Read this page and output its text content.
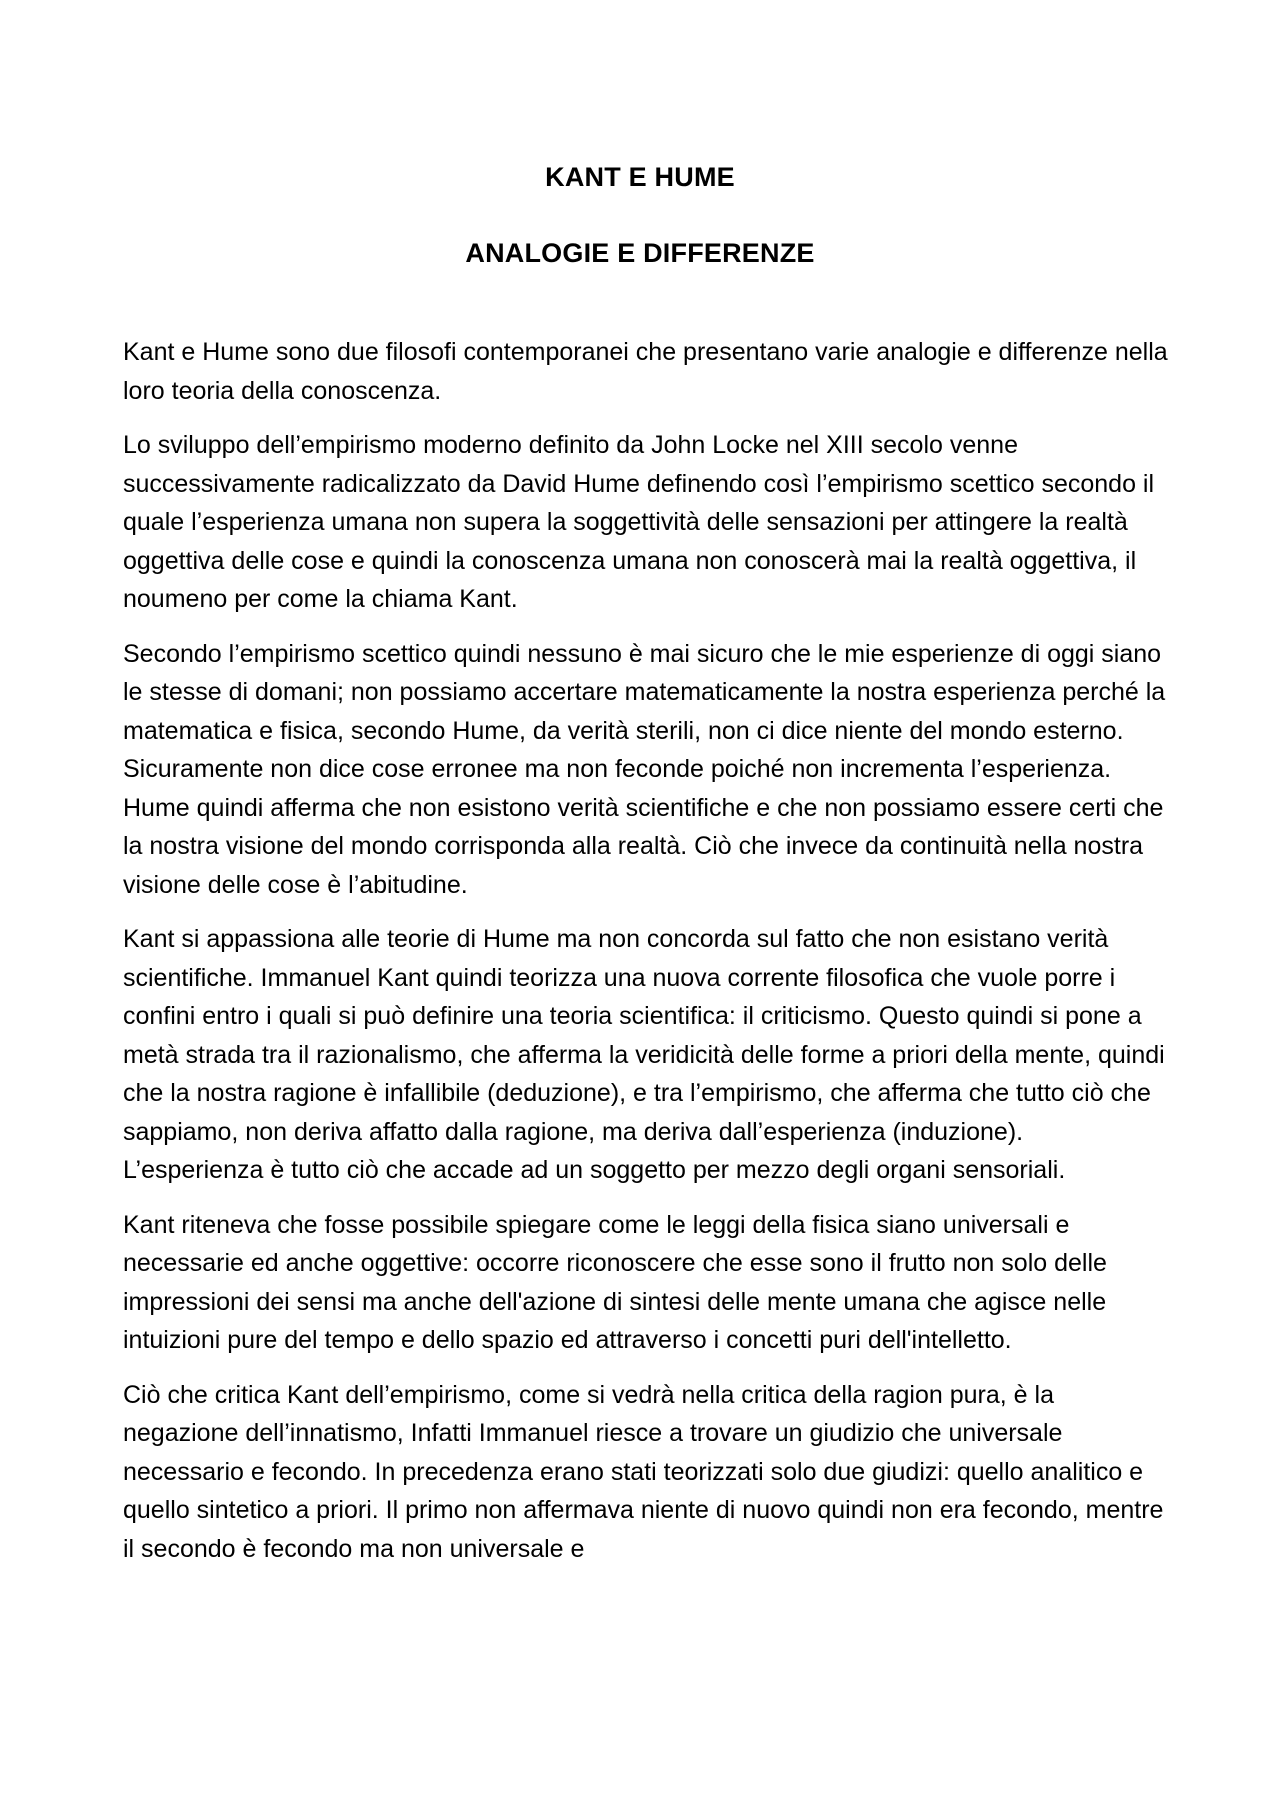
KANT E HUME
ANALOGIE E DIFFERENZE

Kant e Hume sono due filosofi contemporanei che presentano varie analogie e differenze nella loro teoria della conoscenza.

Lo sviluppo dell’empirismo moderno definito da John Locke nel XIII secolo venne successivamente radicalizzato da David Hume definendo così l’empirismo scettico secondo il quale l’esperienza umana non supera la soggettività delle sensazioni per attingere la realtà oggettiva delle cose e quindi la conoscenza umana non conoscerà mai la realtà oggettiva, il noumeno per come la chiama Kant.

Secondo l’empirismo scettico quindi nessuno è mai sicuro che le mie esperienze di oggi siano le stesse di domani; non possiamo accertare matematicamente la nostra esperienza perché la matematica e fisica, secondo Hume, da verità sterili, non ci dice niente del mondo esterno. Sicuramente non dice cose erronee ma non feconde poiché non incrementa l’esperienza. Hume quindi afferma che non esistono verità scientifiche e che non possiamo essere certi che la nostra visione del mondo corrisponda alla realtà. Ciò che invece da continuità nella nostra visione delle cose è l’abitudine.

Kant si appassiona alle teorie di Hume ma non concorda sul fatto che non esistano verità scientifiche. Immanuel Kant quindi teorizza una nuova corrente filosofica che vuole porre i confini entro i quali si può definire una teoria scientifica: il criticismo. Questo quindi si pone a metà strada tra il razionalismo, che afferma la veridicità delle forme a priori della mente, quindi che la nostra ragione è infallibile (deduzione), e tra l’empirismo, che afferma che tutto ciò che sappiamo, non deriva affatto dalla ragione, ma deriva dall’esperienza (induzione). L’esperienza è tutto ciò che accade ad un soggetto per mezzo degli organi sensoriali.

Kant riteneva che fosse possibile spiegare come le leggi della fisica siano universali e necessarie ed anche oggettive: occorre riconoscere che esse sono il frutto non solo delle impressioni dei sensi ma anche dell'azione di sintesi delle mente umana che agisce nelle intuizioni pure del tempo e dello spazio ed attraverso i concetti puri dell'intelletto.

Ciò che critica Kant dell’empirismo, come si vedrà nella critica della ragion pura, è la negazione dell’innatismo, Infatti Immanuel riesce a trovare un giudizio che universale necessario e fecondo. In precedenza erano stati teorizzati solo due giudizi: quello analitico e quello sintetico a priori. Il primo non affermava niente di nuovo quindi non era fecondo, mentre il secondo è fecondo ma non universale e
